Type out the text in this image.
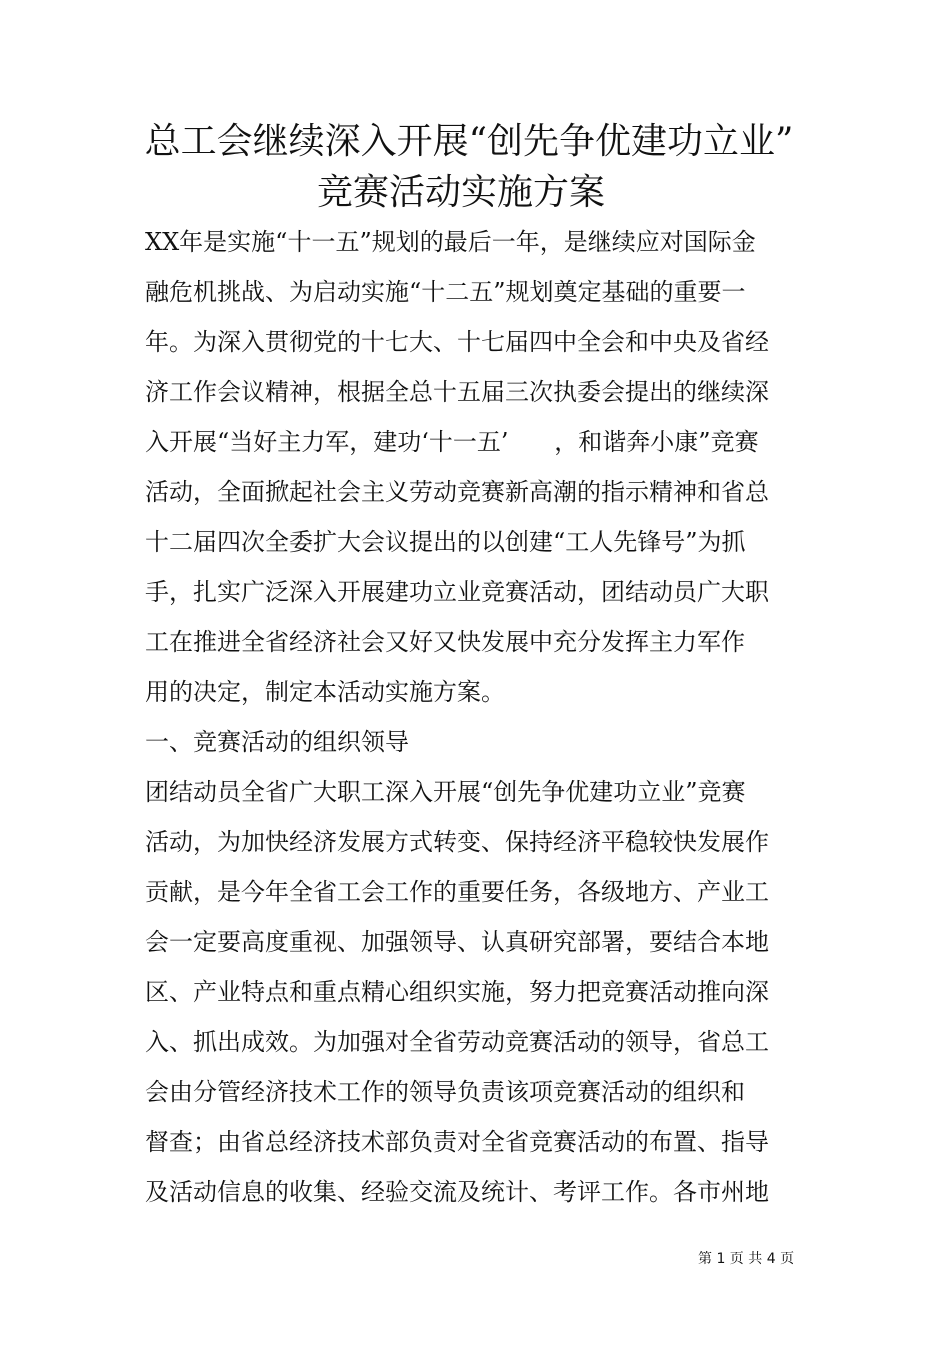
总工会继续深入开展“创先争优建功立业”
竞赛活动实施方案
XX年是实施“十一五”规划的最后一年，是继续应对国际金
融危机挑战、为启动实施“十二五”规划奠定基础的重要一
年。为深入贯彻党的十七大、十七届四中全会和中央及省经
济工作会议精神，根据全总十五届三次执委会提出的继续深
入开展“当好主力军，建功‘十一五’      ，和谐奔小康”竞赛
活动，全面掀起社会主义劳动竞赛新高潮的指示精神和省总
十二届四次全委扩大会议提出的以创建“工人先锋号”为抓
手，扎实广泛深入开展建功立业竞赛活动，团结动员广大职
工在推进全省经济社会又好又快发展中充分发挥主力军作
用的决定，制定本活动实施方案。
一、竞赛活动的组织领导
团结动员全省广大职工深入开展“创先争优建功立业”竞赛
活动，为加快经济发展方式转变、保持经济平稳较快发展作
贡献，是今年全省工会工作的重要任务，各级地方、产业工
会一定要高度重视、加强领导、认真研究部署，要结合本地
区、产业特点和重点精心组织实施，努力把竞赛活动推向深
入、抓出成效。为加强对全省劳动竞赛活动的领导，省总工
会由分管经济技术工作的领导负责该项竞赛活动的组织和
督查；由省总经济技术部负责对全省竞赛活动的布置、指导
及活动信息的收集、经验交流及统计、考评工作。各市州地
第 1 页 共 4 页
